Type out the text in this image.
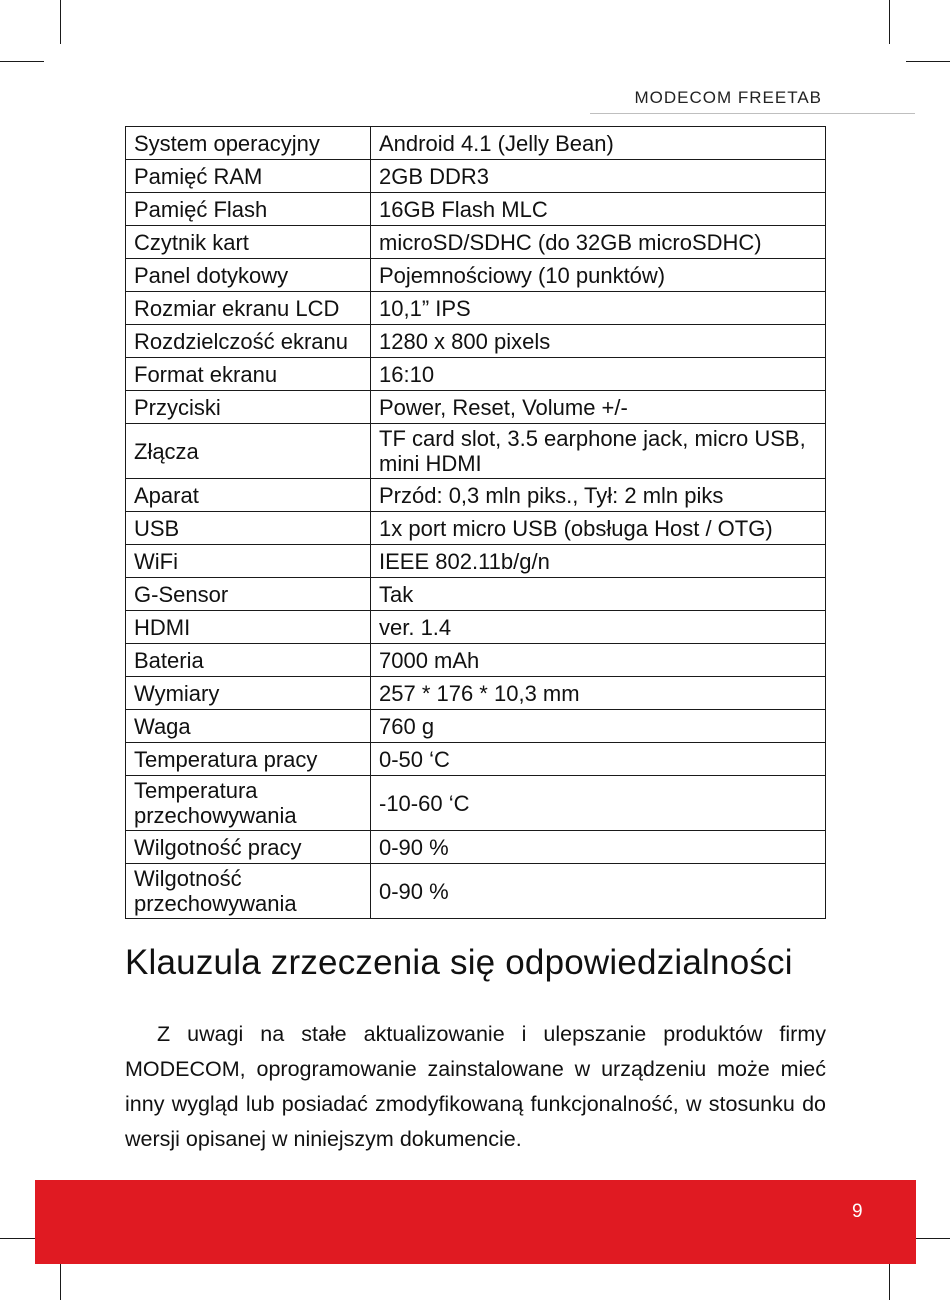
MODECOM FREETAB
System operacyjny	Android 4.1 (Jelly Bean)
Pamięć RAM	2GB DDR3
Pamięć Flash	16GB Flash MLC
Czytnik kart	microSD/SDHC (do 32GB microSDHC)
Panel dotykowy	Pojemnościowy (10 punktów)
Rozmiar ekranu LCD	10,1” IPS
Rozdzielczość ekranu	1280 x 800 pixels
Format ekranu	16:10
Przyciski	Power, Reset, Volume +/-
Złącza	TF card slot, 3.5 earphone jack, micro USB, mini HDMI
Aparat	Przód: 0,3 mln piks., Tył: 2 mln piks
USB	1x port micro USB (obsługa Host / OTG)
WiFi	IEEE 802.11b/g/n
G-Sensor	Tak
HDMI	ver. 1.4
Bateria	7000 mAh
Wymiary	257 * 176 * 10,3 mm
Waga	760 g
Temperatura pracy	0-50 ‘C
Temperatura przechowywania	-10-60 ‘C
Wilgotność pracy	0-90 %
Wilgotność przechowywania	0-90 %
Klauzula zrzeczenia się odpowiedzialności

Z uwagi na stałe aktualizowanie i ulepszanie produktów firmy MODECOM, oprogramowanie zainstalowane w urządzeniu może mieć inny wygląd lub posiadać zmodyfikowaną funkcjonalność, w stosunku do wersji opisanej w niniejszym dokumencie.

9
